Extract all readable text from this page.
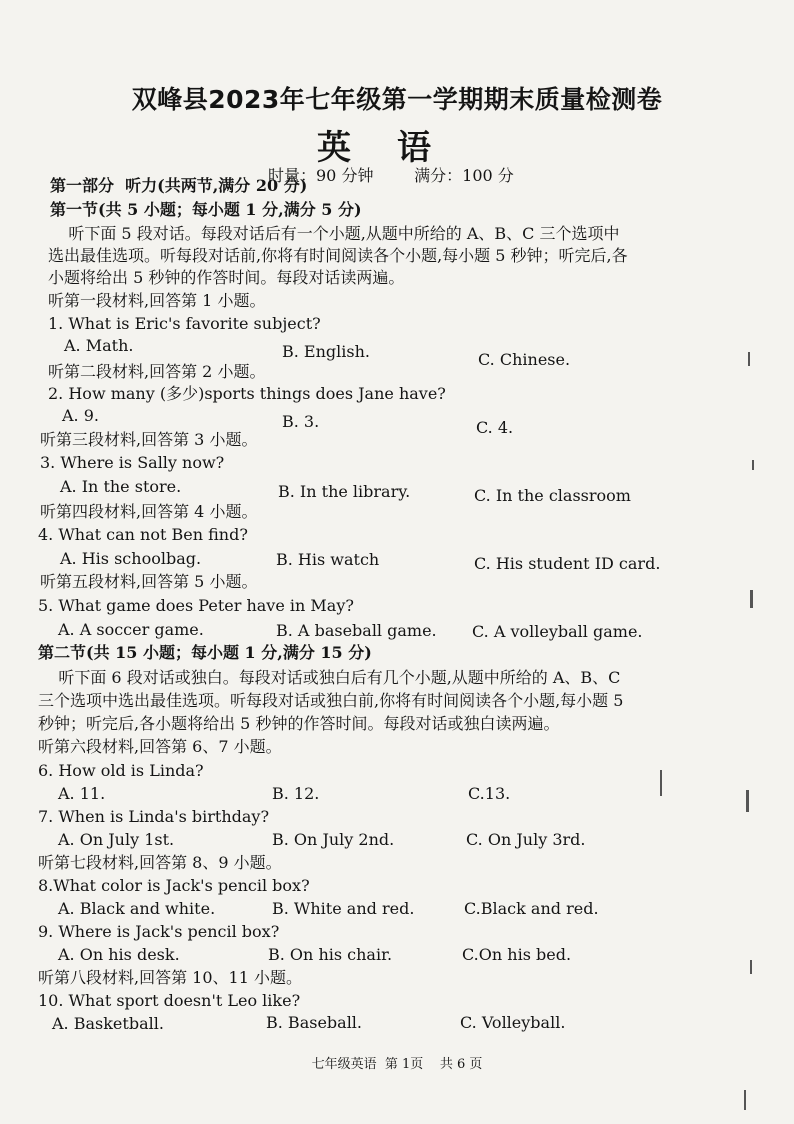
双峰县2023年七年级第一学期期末质量检测卷
英语
时量：90 分钟	满分：100 分
第一部分  听力(共两节,满分 20 分)
第一节(共 5 小题；每小题 1 分,满分 5 分)
听下面 5 段对话。每段对话后有一个小题,从题中所给的 A、B、C 三个选项中
选出最佳选项。听每段对话前,你将有时间阅读各个小题,每小题 5 秒钟；听完后,各
小题将给出 5 秒钟的作答时间。每段对话读两遍。
听第一段材料,回答第 1 小题。
1. What is Eric's favorite subject?
A. Math.	B. English.	C. Chinese.
听第二段材料,回答第 2 小题。
2. How many (多少)sports things does Jane have?
A. 9.	B. 3.	C. 4.
听第三段材料,回答第 3 小题。
3. Where is Sally now?
A. In the store.	B. In the library.	C. In the classroom
听第四段材料,回答第 4 小题。
4. What can not Ben find?
A. His schoolbag.	B. His watch	C. His student ID card.
听第五段材料,回答第 5 小题。
5. What game does Peter have in May?
A. A soccer game.	B. A baseball game. C. A volleyball game.
第二节(共 15 小题；每小题 1 分,满分 15 分)
听下面 6 段对话或独白。每段对话或独白后有几个小题,从题中所给的 A、B、C
三个选项中选出最佳选项。听每段对话或独白前,你将有时间阅读各个小题,每小题 5
秒钟；听完后,各小题将给出 5 秒钟的作答时间。每段对话或独白读两遍。
听第六段材料,回答第 6、7 小题。
6. How old is Linda?
A. 11.	B. 12.	C.13.
7. When is Linda's birthday?
A. On July 1st.	B. On July 2nd.	C. On July 3rd.
听第七段材料,回答第 8、9 小题。
8.What color is Jack's pencil box?
A. Black and white.	B. White and red.	C.Black and red.
9. Where is Jack's pencil box?
A. On his desk.	B. On his chair.	C.On his bed.
听第八段材料,回答第 10、11 小题。
10. What sport doesn't Leo like?
A. Basketball.	B. Baseball.	C. Volleyball.
七年级英语 第 1页 共 6 页
